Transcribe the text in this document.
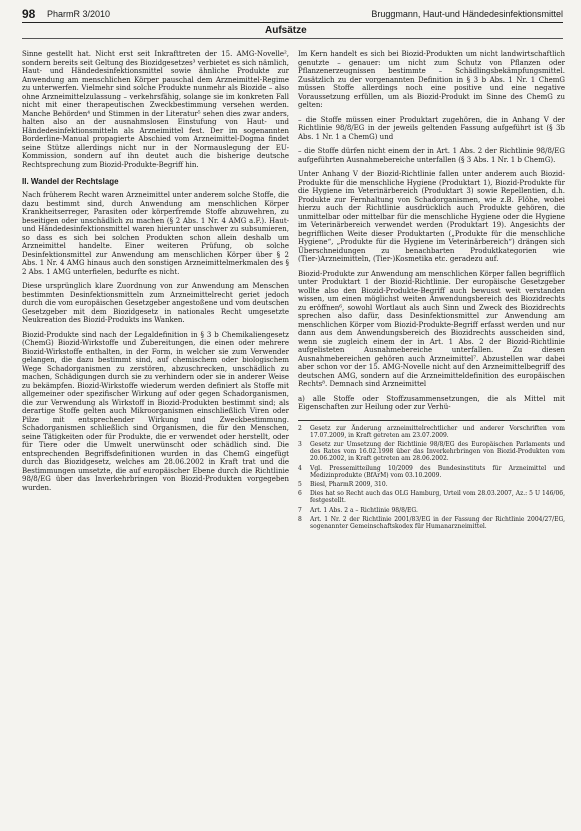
98 PharmR 3/2010	Bruggmann, Haut-und Händedesinfektionsmittel
Aufsätze

Sinne gestellt hat. Nicht erst seit Inkrafttreten der 15. AMG-Novelle², sondern bereits seit Geltung des Biozidgesetzes³ verbietet es sich nämlich, Haut- und Händedesinfektionsmittel sowie ähnliche Produkte zur Anwendung am menschlichen Körper pauschal dem Arzneimittel-Regime zu unterwerfen. Vielmehr sind solche Produkte nunmehr als Biozide – also ohne Arzneimittelzulassung – verkehrsfähig, solange sie im konkreten Fall nicht mit einer therapeutischen Zweckbestimmung versehen werden. Manche Behörden⁴ und Stimmen in der Literatur⁵ sehen dies zwar anders, halten also an der ausnahmslosen Einstufung von Haut- und Händedesinfektionsmitteln als Arzneimittel fest. Der im sogenannten Borderline-Manual propagierte Abschied vom Arzneimittel-Dogma findet seine Stütze allerdings nicht nur in der Normauslegung der EU-Kommission, sondern auf ihn deutet auch die bisherige deutsche Rechtsprechung zum Biozid-Produkte-Begriff hin.

II. Wandel der Rechtslage

Nach früherem Recht waren Arzneimittel unter anderem solche Stoffe, die dazu bestimmt sind, durch Anwendung am menschlichen Körper Krankheitserreger, Parasiten oder körperfremde Stoffe abzuwehren, zu beseitigen oder unschädlich zu machen (§ 2 Abs. 1 Nr. 4 AMG a.F.). Haut- und Händedesinfektionsmittel waren hierunter unschwer zu subsumieren, so dass es sich bei solchen Produkten schon allein deshalb um Arzneimittel handelte. Einer weiteren Prüfung, ob solche Desinfektionsmittel zur Anwendung am menschlichen Körper über § 2 Abs. 1 Nr. 4 AMG hinaus auch den sonstigen Arzneimittelmerkmalen des § 2 Abs. 1 AMG unterfielen, bedurfte es nicht.

Diese ursprünglich klare Zuordnung von zur Anwendung am Menschen bestimmten Desinfektionsmitteln zum Arzneimittelrecht geriet jedoch durch die vom europäischen Gesetzgeber angestoßene und vom deutschen Gesetzgeber mit dem Biozidgesetz in nationales Recht umgesetzte Neukreation des Biozid-Produkts ins Wanken.

Biozid-Produkte sind nach der Legaldefinition in § 3 b Chemikaliengesetz (ChemG) Biozid-Wirkstoffe und Zubereitungen, die einen oder mehrere Biozid-Wirkstoffe enthalten, in der Form, in welcher sie zum Verwender gelangen, die dazu bestimmt sind, auf chemischem oder biologischem Wege Schadorganismen zu zerstören, abzuschrecken, unschädlich zu machen, Schädigungen durch sie zu verhindern oder sie in anderer Weise zu bekämpfen. Biozid-Wirkstoffe wiederum werden definiert als Stoffe mit allgemeiner oder spezifischer Wirkung auf oder gegen Schadorganismen, die zur Verwendung als Wirkstoff in Biozid-Produkten bestimmt sind; als derartige Stoffe gelten auch Mikroorganismen einschließlich Viren oder Pilze mit entsprechender Wirkung und Zweckbestimmung. Schadorganismen schließlich sind Organismen, die für den Menschen, seine Tätigkeiten oder für Produkte, die er verwendet oder herstellt, oder für Tiere oder die Umwelt unerwünscht oder schädlich sind. Die entsprechenden Begriffsdefinitionen wurden in das ChemG eingefügt durch das Biozidgesetz, welches am 28.06.2002 in Kraft trat und die Bestimmungen umsetzte, die auf europäischer Ebene durch die Richtlinie 98/8/EG über das Inverkehrbringen von Biozid-Produkten vorgegeben wurden.

Im Kern handelt es sich bei Biozid-Produkten um nicht landwirtschaftlich genutzte – genauer: um nicht zum Schutz von Pflanzen oder Pflanzenerzeugnissen bestimmte – Schädlingsbekämpfungsmittel. Zusätzlich zu der vorgenannten Definition in § 3 b Abs. 1 Nr. 1 ChemG müssen Stoffe allerdings noch eine positive und eine negative Voraussetzung erfüllen, um als Biozid-Produkt im Sinne des ChemG zu gelten:

– die Stoffe müssen einer Produktart zugehören, die in Anhang V der Richtlinie 98/8/EG in der jeweils geltenden Fassung aufgeführt ist (§ 3b Abs. 1 Nr. 1 a ChemG) und

– die Stoffe dürfen nicht einem der in Art. 1 Abs. 2 der Richtlinie 98/8/EG aufgeführten Ausnahmebereiche unterfallen (§ 3 Abs. 1 Nr. 1 b ChemG).

Unter Anhang V der Biozid-Richtlinie fallen unter anderem auch Biozid-Produkte für die menschliche Hygiene (Produktart 1), Biozid-Produkte für die Hygiene im Veterinärbereich (Produktart 3) sowie Repellentien, d.h. Produkte zur Fernhaltung von Schadorganismen, wie z.B. Flöhe, wobei hierzu auch der Richtlinie ausdrücklich auch Produkte gehören, die unmittelbar oder mittelbar für die menschliche Hygiene oder die Hygiene im Veterinärbereich verwendet werden (Produktart 19). Angesichts der begrifflichen Weite dieser Produktarten („Produkte für die menschliche Hygiene“, „Produkte für die Hygiene im Veterinärbereich“) drängen sich Überschneidungen zu benachbarten Produktkategorien wie (Tier-)Arzneimitteln, (Tier-)Kosmetika etc. geradezu auf.

Biozid-Produkte zur Anwendung am menschlichen Körper fallen begrifflich unter Produktart 1 der Biozid-Richtlinie. Der europäische Gesetzgeber wollte also den Biozid-Produkte-Begriff auch bewusst weit verstanden wissen, um einen möglichst weiten Anwendungsbereich des Biozidrechts zu eröffnen⁶, sowohl Wortlaut als auch Sinn und Zweck des Biozidrechts sprechen also dafür, dass Desinfektionsmittel zur Anwendung am menschlichen Körper vom Biozid-Produkte-Begriff erfasst werden und nur dann aus dem Anwendungsbereich des Biozidrechts ausscheiden sind, wenn sie zugleich einem der in Art. 1 Abs. 2 der Biozid-Richtlinie aufgelisteten Ausnahmebereiche unterfallen. Zu diesen Ausnahmebereichen gehören auch Arzneimittel⁷. Abzustellen war dabei aber schon vor der 15. AMG-Novelle nicht auf den Arzneimittelbegriff des deutschen AMG, sondern auf die Arzneimitteldefinition des europäischen Rechts⁸. Demnach sind Arzneimittel

a) alle Stoffe oder Stoffzusammensetzungen, die als Mittel mit Eigenschaften zur Heilung oder zur Verhü-

2	Gesetz zur Änderung arzneimittelrechtlicher und anderer Vorschriften vom 17.07.2009, in Kraft getreten am 23.07.2009.
3	Gesetz zur Umsetzung der Richtlinie 98/8/EG des Europäischen Parlaments und des Rates vom 16.02.1998 über das Inverkehrbringen von Biozid-Produkten vom 20.06.2002, in Kraft getreten am 28.06.2002.
4	Vgl. Pressemitteilung 10/2009 des Bundesinstituts für Arzneimittel und Medizinprodukte (BfArM) vom 03.10.2009.
5	Biesl, PharmR 2009, 310.
6	Dies hat so Recht auch das OLG Hamburg, Urteil vom 28.03.2007, Az.: 5 U 146/06, festgestellt.
7	Art. 1 Abs. 2 a – Richtlinie 98/8/EG.
8	Art. 1 Nr. 2 der Richtlinie 2001/83/EG in der Fassung der Richtlinie 2004/27/EG, sogenannter Gemeinschaftskodex für Humanarzneimittel.
